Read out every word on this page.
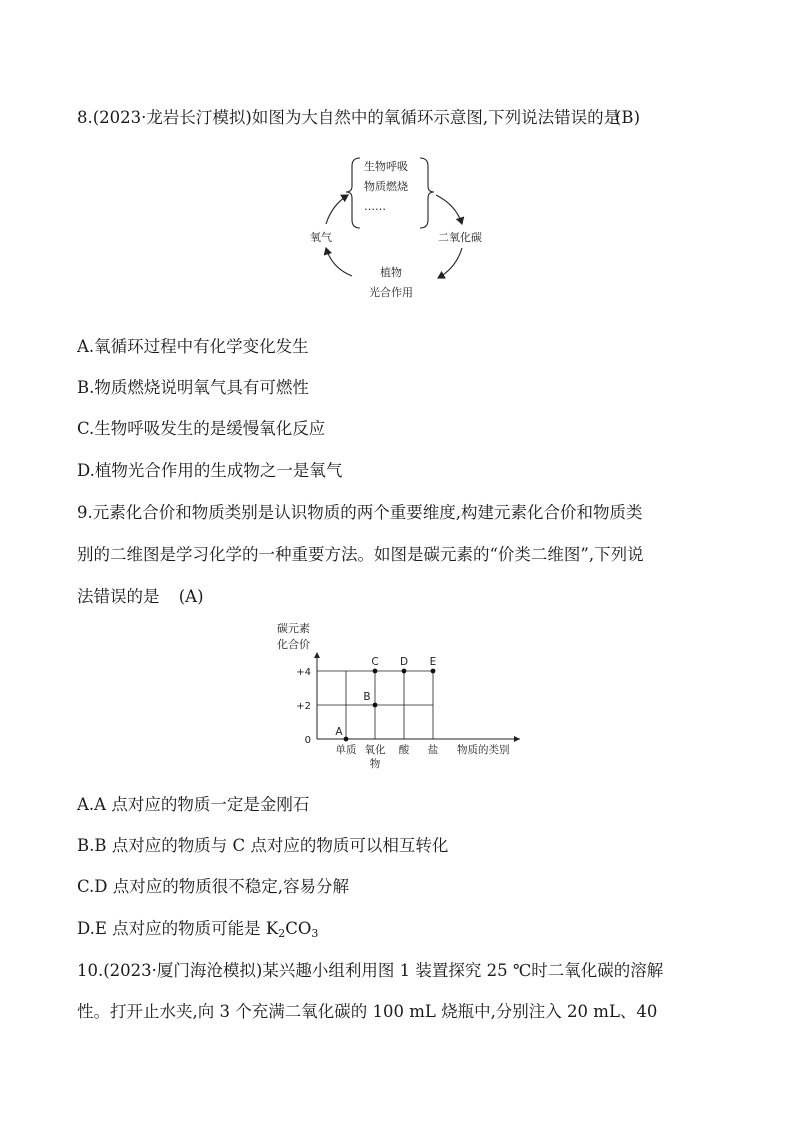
8.(2023·龙岩长汀模拟)如图为大自然中的氧循环示意图,下列说法错误的是
(B)
生物呼吸
物质燃烧
……
氧气	二氧化碳
植物
光合作用
A.氧循环过程中有化学变化发生
B.物质燃烧说明氧气具有可燃性
C.生物呼吸发生的是缓慢氧化反应
D.植物光合作用的生成物之一是氧气
9.元素化合价和物质类别是认识物质的两个重要维度,构建元素化合价和物质类
别的二维图是学习化学的一种重要方法。如图是碳元素的“价类二维图”,下列说
法错误的是 (A)
碳元素
化合价
+4
+2
0
单质 氧化 酸 盐
物
物质的类别
A
B
C D E
A.A 点对应的物质一定是金刚石
B.B 点对应的物质与 C 点对应的物质可以相互转化
C.D 点对应的物质很不稳定,容易分解
D.E 点对应的物质可能是 $K_2CO_3$
10.(2023·厦门海沧模拟)某兴趣小组利用图 1 装置探究 25 ℃时二氧化碳的溶解
性。打开止水夹,向 3 个充满二氧化碳的 100 mL 烧瓶中,分别注入 20 mL、40
